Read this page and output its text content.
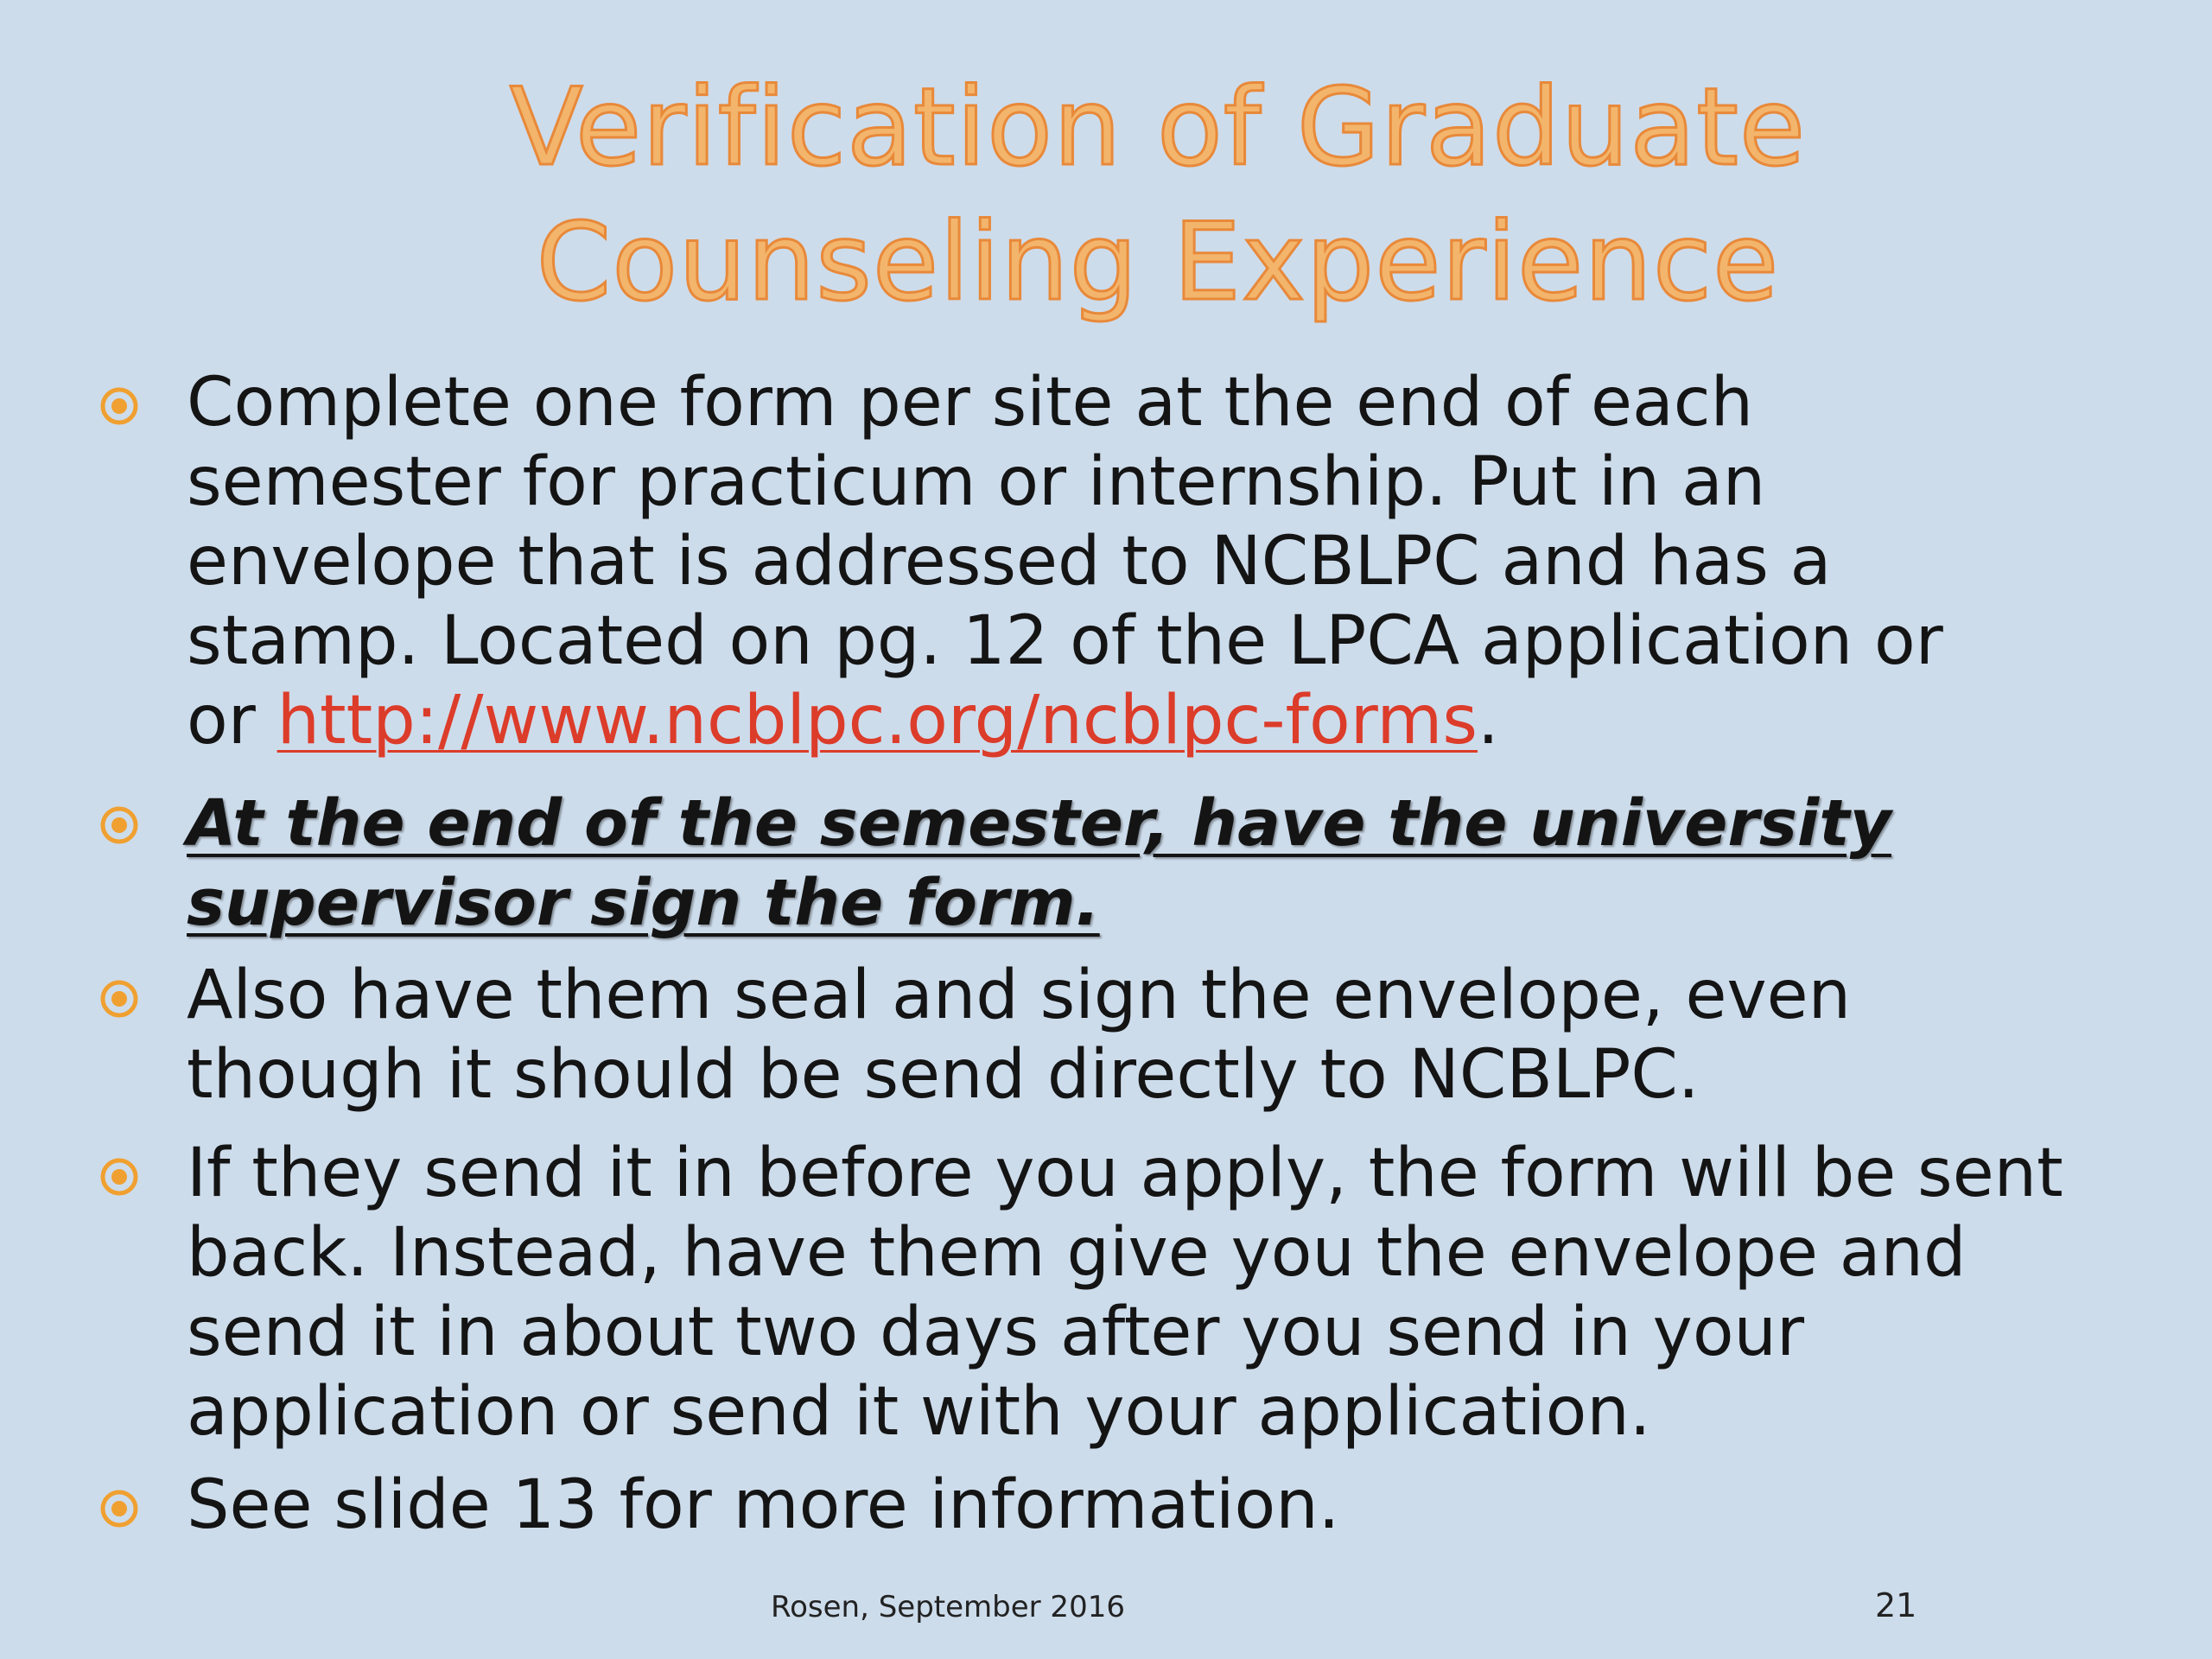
Verification of Graduate
Counseling Experience
Complete one form per site at the end of each
semester for practicum or internship. Put in an
envelope that is addressed to NCBLPC and has a
stamp. Located on pg. 12 of the LPCA application or
or http://www.ncblpc.org/ncblpc-forms.
At the end of the semester, have the university
supervisor sign the form.
Also have them seal and sign the envelope, even
though it should be send directly to NCBLPC.
If they send it in before you apply, the form will be sent
back. Instead, have them give you the envelope and
send it in about two days after you send in your
application or send it with your application.
See slide 13 for more information.
Rosen, September 2016	21
